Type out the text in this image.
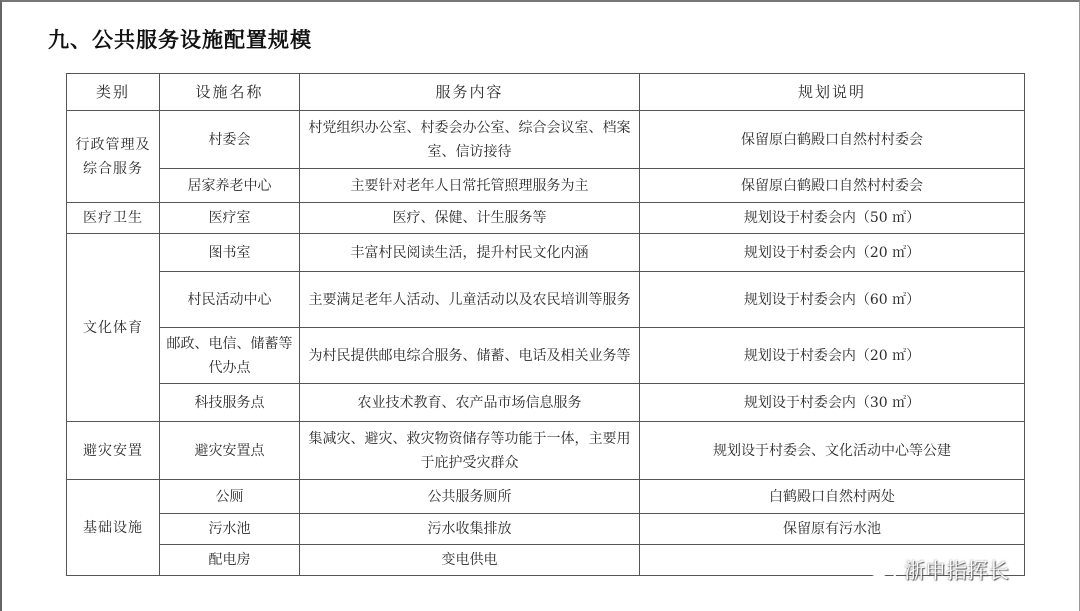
九、公共服务设施配置规模
类别	设施名称	服务内容	规划说明
行政管理及综合服务	村委会	村党组织办公室、村委会办公室、综合会议室、档案室、信访接待	保留原白鹤殿口自然村村委会
	居家养老中心	主要针对老年人日常托管照理服务为主	保留原白鹤殿口自然村村委会
医疗卫生	医疗室	医疗、保健、计生服务等	规划设于村委会内（50 ㎡）
文化体育	图书室	丰富村民阅读生活，提升村民文化内涵	规划设于村委会内（20 ㎡）
	村民活动中心	主要满足老年人活动、儿童活动以及农民培训等服务	规划设于村委会内（60 ㎡）
	邮政、电信、储蓄等代办点	为村民提供邮电综合服务、储蓄、电话及相关业务等	规划设于村委会内（20 ㎡）
	科技服务点	农业技术教育、农产品市场信息服务	规划设于村委会内（30 ㎡）
避灾安置	避灾安置点	集减灾、避灾、救灾物资储存等功能于一体，主要用于庇护受灾群众	规划设于村委会、文化活动中心等公建
基础设施	公厕	公共服务厕所	白鹤殿口自然村两处
	污水池	污水收集排放	保留原有污水池
	配电房	变电供电		浙申指挥长
